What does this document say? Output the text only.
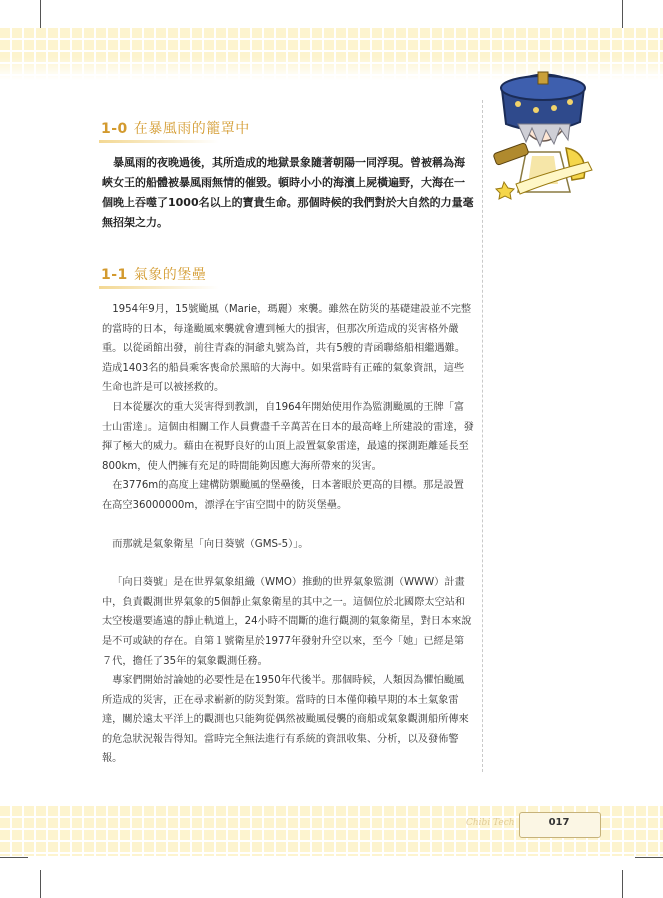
1-0 在暴風雨的籠罩中
暴風雨的夜晚過後，其所造成的地獄景象隨著朝陽一同浮現。曾被稱為海峽女王的船體被暴風雨無情的催毀。頓時小小的海濱上屍橫遍野，大海在一個晚上吞噬了1000名以上的寶貴生命。那個時候的我們對於大自然的力量毫無招架之力。
1-1 氣象的堡壘

1954年9月，15號颱風（Marie，瑪麗）來襲。雖然在防災的基礎建設並不完整的當時的日本，每逢颱風來襲就會遭到極大的損害，但那次所造成的災害格外嚴重。以從函館出發，前往青森的洞爺丸號為首，共有5艘的青函聯絡船相繼遇難。造成1403名的船員乘客喪命於黑暗的大海中。如果當時有正確的氣象資訊，這些生命也許是可以被拯救的。

日本從屢次的重大災害得到教訓，自1964年開始使用作為監測颱風的王牌「富士山雷達」。這個由相關工作人員費盡千辛萬苦在日本的最高峰上所建設的雷達，發揮了極大的威力。藉由在視野良好的山頂上設置氣象雷達，最遠的探測距離延長至800km，使人們擁有充足的時間能夠因應大海所帶來的災害。

在3776m的高度上建構防禦颱風的堡壘後，日本著眼於更高的目標。那是設置在高空36000000m，漂浮在宇宙空間中的防災堡壘。

而那就是氣象衛星「向日葵號（GMS-5）」。

「向日葵號」是在世界氣象組織（WMO）推動的世界氣象監測（WWW）計畫中，負責觀測世界氣象的5個靜止氣象衛星的其中之一。這個位於北國際太空站和太空梭還要遙遠的靜止軌道上，24小時不間斷的進行觀測的氣象衛星，對日本來說是不可或缺的存在。自第１號衛星於1977年發射升空以來，至今「她」已經是第７代，擔任了35年的氣象觀測任務。

專家們開始討論她的必要性是在1950年代後半。那個時候，人類因為懼怕颱風所造成的災害，正在尋求嶄新的防災對策。當時的日本僅仰賴早期的本土氣象雷達，關於遠太平洋上的觀測也只能夠從偶然被颱風侵襲的商船或氣象觀測船所傳來的危急狀況報告得知。當時完全無法進行有系統的資訊收集、分析，以及發佈警報。

Chibi Tech	017
